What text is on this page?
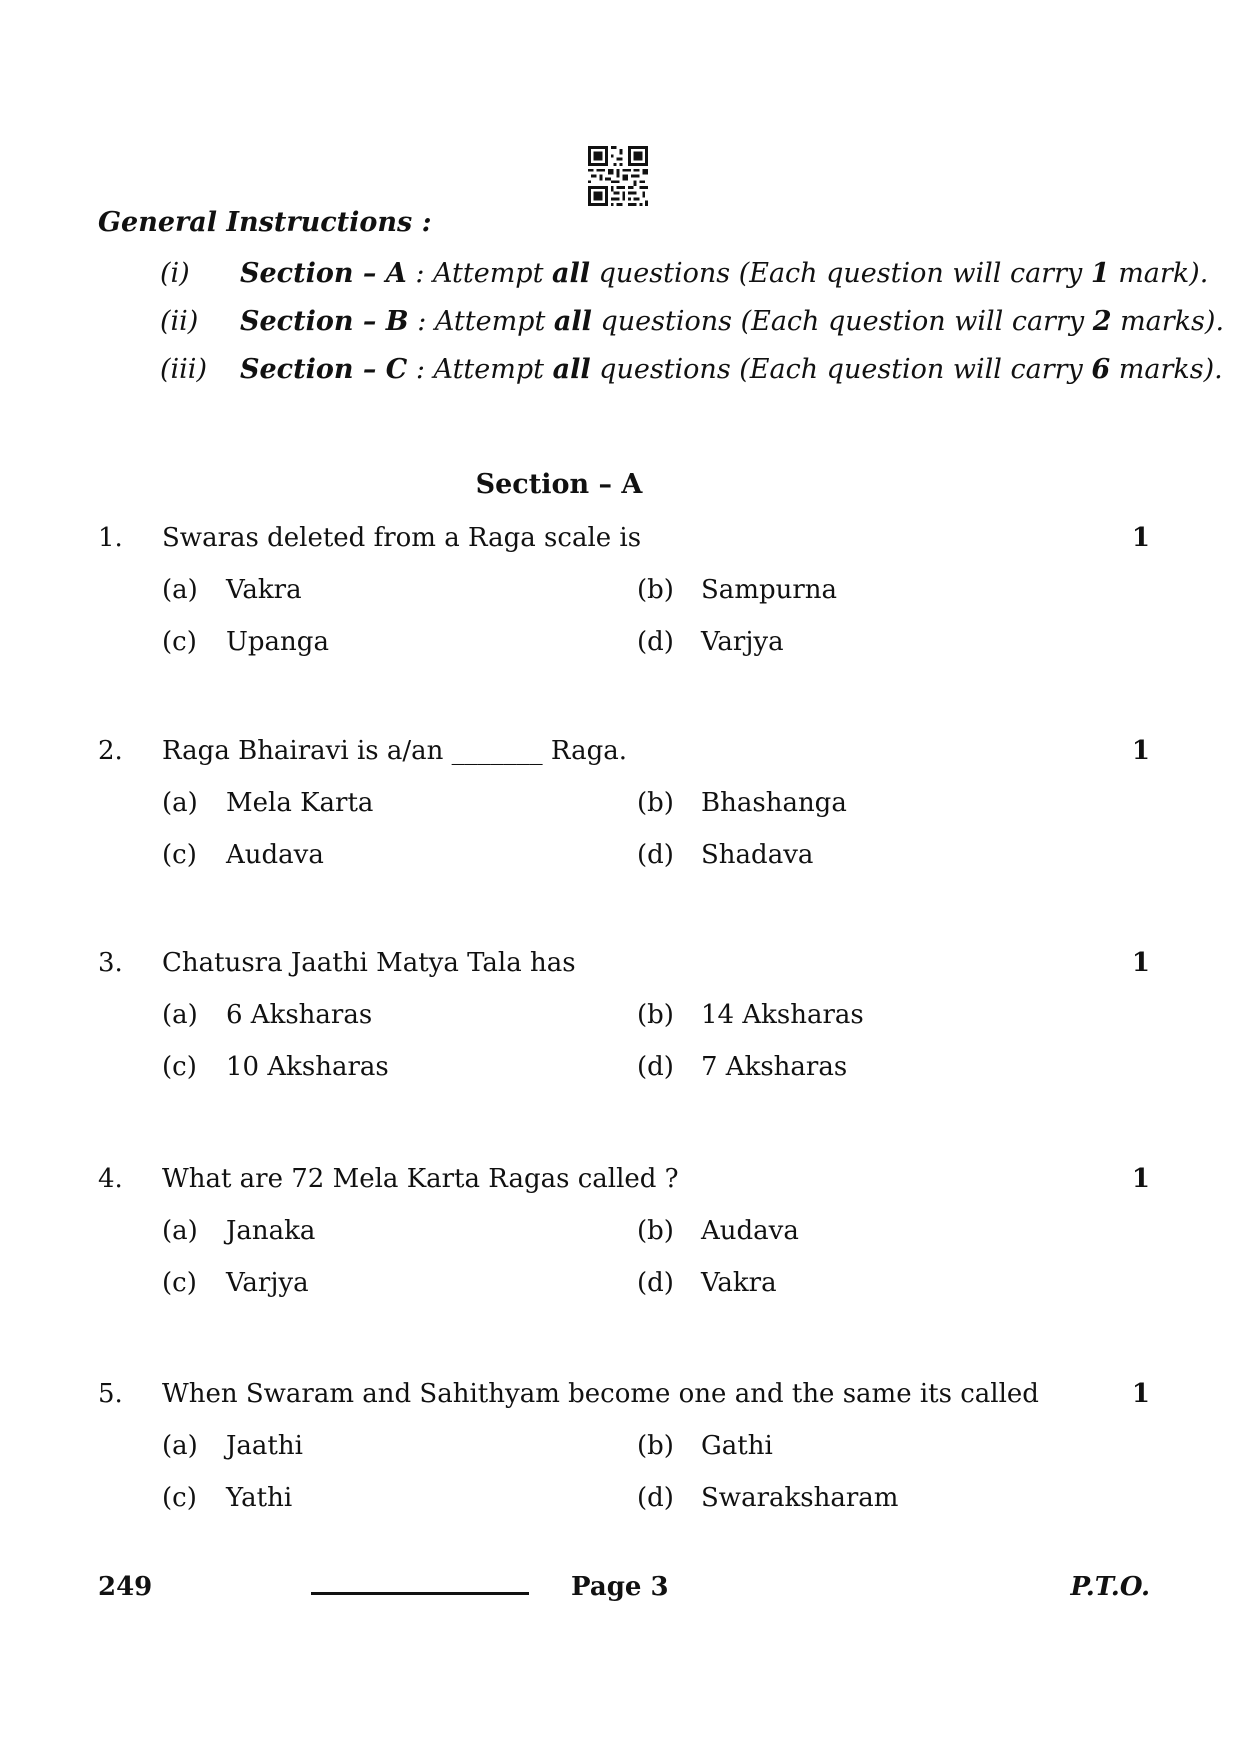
General Instructions :
(i) Section – A : Attempt all questions (Each question will carry 1 mark).
(ii) Section – B : Attempt all questions (Each question will carry 2 marks).
(iii) Section – C : Attempt all questions (Each question will carry 6 marks).
Section – A
1. Swaras deleted from a Raga scale is	1
(a) Vakra	(b) Sampurna
(c) Upanga	(d) Varjya
2. Raga Bhairavi is a/an _______ Raga.	1
(a) Mela Karta	(b) Bhashanga
(c) Audava	(d) Shadava
3. Chatusra Jaathi Matya Tala has	1
(a) 6 Aksharas	(b) 14 Aksharas
(c) 10 Aksharas	(d) 7 Aksharas
4. What are 72 Mela Karta Ragas called ?	1
(a) Janaka	(b) Audava
(c) Varjya	(d) Vakra
5. When Swaram and Sahithyam become one and the same its called	1
(a) Jaathi	(b) Gathi
(c) Yathi	(d) Swaraksharam
249	Page 3	P.T.O.
